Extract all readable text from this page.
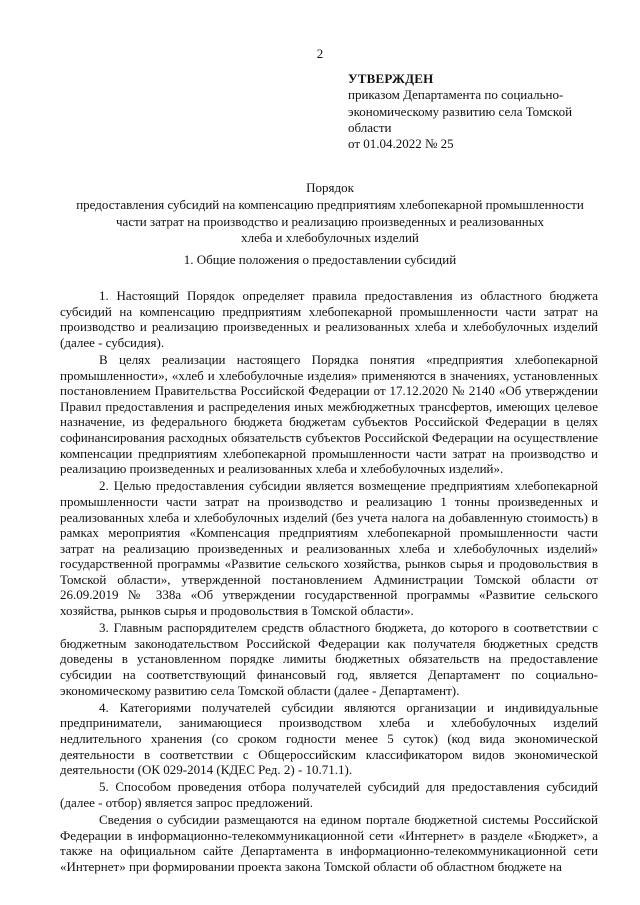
2
УТВЕРЖДЕН
приказом Департамента по социально-
экономическому развитию села Томской
области
от 01.04.2022 № 25
Порядок
предоставления субсидий на компенсацию предприятиям хлебопекарной промышленности
части затрат на производство и реализацию произведенных и реализованных
хлеба и хлебобулочных изделий
1. Общие положения о предоставлении субсидий

1. Настоящий Порядок определяет правила предоставления из областного бюджета субсидий на компенсацию предприятиям хлебопекарной промышленности части затрат на производство и реализацию произведенных и реализованных хлеба и хлебобулочных изделий (далее - субсидия).

В целях реализации настоящего Порядка понятия «предприятия хлебопекарной промышленности», «хлеб и хлебобулочные изделия» применяются в значениях, установленных постановлением Правительства Российской Федерации от 17.12.2020 № 2140 «Об утверждении Правил предоставления и распределения иных межбюджетных трансфертов, имеющих целевое назначение, из федерального бюджета бюджетам субъектов Российской Федерации в целях софинансирования расходных обязательств субъектов Российской Федерации на осуществление компенсации предприятиям хлебопекарной промышленности части затрат на производство и реализацию произведенных и реализованных хлеба и хлебобулочных изделий».

2. Целью предоставления субсидии является возмещение предприятиям хлебопекарной промышленности части затрат на производство и реализацию 1 тонны произведенных и реализованных хлеба и хлебобулочных изделий (без учета налога на добавленную стоимость) в рамках мероприятия «Компенсация предприятиям хлебопекарной промышленности части затрат на реализацию произведенных и реализованных хлеба и хлебобулочных изделий» государственной программы «Развитие сельского хозяйства, рынков сырья и продовольствия в Томской области», утвержденной постановлением Администрации Томской области от 26.09.2019 № 338а «Об утверждении государственной программы «Развитие сельского хозяйства, рынков сырья и продовольствия в Томской области».

3. Главным распорядителем средств областного бюджета, до которого в соответствии с бюджетным законодательством Российской Федерации как получателя бюджетных средств доведены в установленном порядке лимиты бюджетных обязательств на предоставление субсидии на соответствующий финансовый год, является Департамент по социально-экономическому развитию села Томской области (далее - Департамент).

4. Категориями получателей субсидии являются организации и индивидуальные предприниматели, занимающиеся производством хлеба и хлебобулочных изделий недлительного хранения (со сроком годности менее 5 суток) (код вида экономической деятельности в соответствии с Общероссийским классификатором видов экономической деятельности (ОК 029-2014 (КДЕС Ред. 2) - 10.71.1).

5. Способом проведения отбора получателей субсидий для предоставления субсидий (далее - отбор) является запрос предложений.

Сведения о субсидии размещаются на едином портале бюджетной системы Российской Федерации в информационно-телекоммуникационной сети «Интернет» в разделе «Бюджет», а также на официальном сайте Департамента в информационно-телекоммуникационной сети «Интернет» при формировании проекта закона Томской области об областном бюджете на
